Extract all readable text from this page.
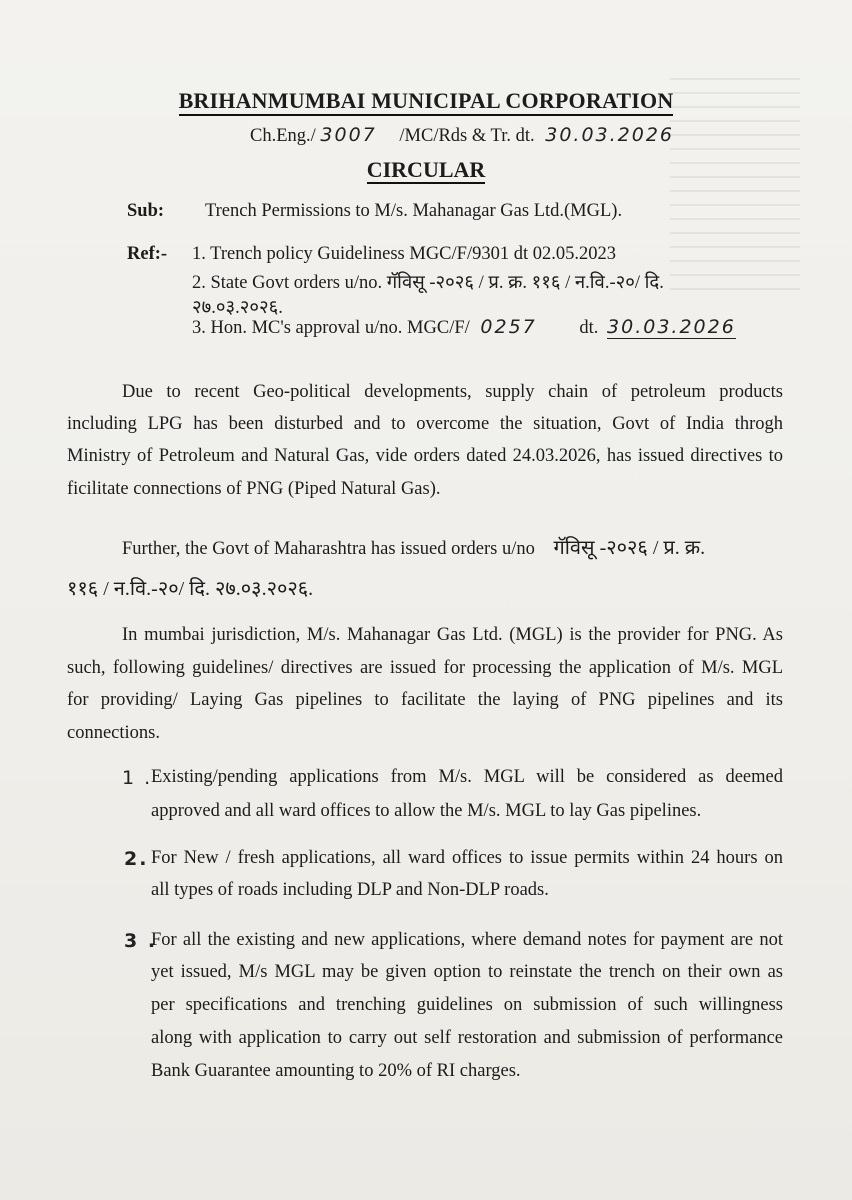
BRIHANMUMBAI MUNICIPAL CORPORATION
Ch.Eng./ 3007 /MC/Rds & Tr. dt. 30.03.2026
CIRCULAR
Sub: Trench Permissions to M/s. Mahanagar Gas Ltd.(MGL).
Ref:- 1. Trench policy Guideliness MGC/F/9301 dt 02.05.2023
2. State Govt orders u/no. गॅविसू -२०२६ / प्र. क्र. ११६ / न.वि.-२०/ दि.
२७.०३.२०२६.
3. Hon. MC's approval u/no. MGC/F/ 0257 dt. 30.03.2026
Due to recent Geo-political developments, supply chain of petroleum products
including LPG has been disturbed and to overcome the situation, Govt of India throgh
Ministry of Petroleum and Natural Gas, vide orders dated 24.03.2026, has issued directives to
ficilitate connections of PNG (Piped Natural Gas).
Further, the Govt of Maharashtra has issued orders u/no गॅविसू -२०२६ / प्र. क्र.
११६ / न.वि.-२०/ दि. २७.०३.२०२६.
In mumbai jurisdiction, M/s. Mahanagar Gas Ltd. (MGL) is the provider for PNG. As
such, following guidelines/ directives are issued for processing the application of M/s. MGL
for providing/ Laying Gas pipelines to facilitate the laying of PNG pipelines and its
connections.
1 .
Existing/pending applications from M/s. MGL will be considered as deemed
approved and all ward offices to allow the M/s. MGL to lay Gas pipelines.
2. For New / fresh applications, all ward offices to issue permits within 24 hours on
all types of roads including DLP and Non-DLP roads.
3 .
For all the existing and new applications, where demand notes for payment are not
yet issued, M/s MGL may be given option to reinstate the trench on their own as
per specifications and trenching guidelines on submission of such willingness
along with application to carry out self restoration and submission of performance
Bank Guarantee amounting to 20% of RI charges.
